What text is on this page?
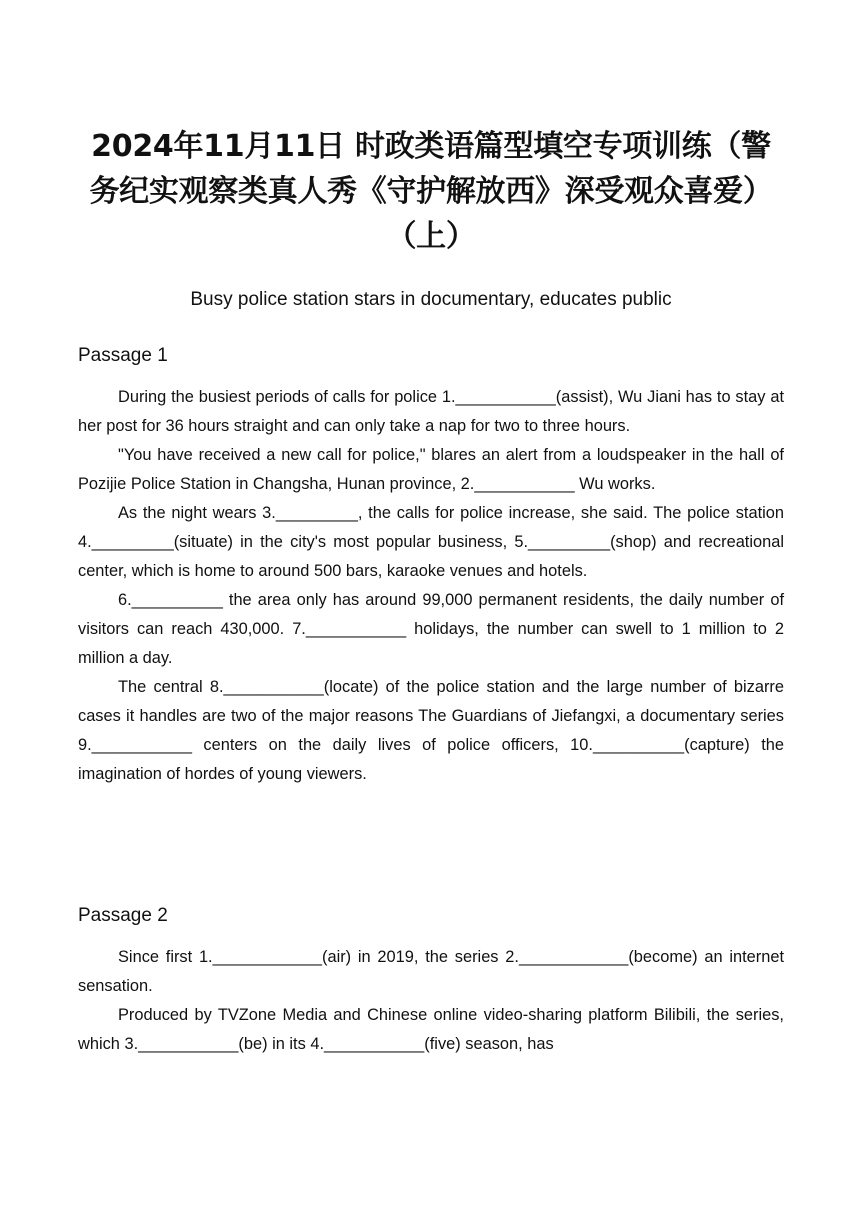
2024年11月11日 时政类语篇型填空专项训练（警务纪实观察类真人秀《守护解放西》深受观众喜爱）（上）

Busy police station stars in documentary, educates public

Passage 1

During the busiest periods of calls for police 1.___________(assist), Wu Jiani has to stay at her post for 36 hours straight and can only take a nap for two to three hours.

"You have received a new call for police," blares an alert from a loudspeaker in the hall of Pozijie Police Station in Changsha, Hunan province, 2.___________ Wu works.

As the night wears 3._________, the calls for police increase, she said. The police station 4._________(situate) in the city's most popular business, 5._________(shop) and recreational center, which is home to around 500 bars, karaoke venues and hotels.

6.__________ the area only has around 99,000 permanent residents, the daily number of visitors can reach 430,000. 7.___________ holidays, the number can swell to 1 million to 2 million a day.

The central 8.___________(locate) of the police station and the large number of bizarre cases it handles are two of the major reasons The Guardians of Jiefangxi, a documentary series 9.___________ centers on the daily lives of police officers, 10.__________(capture) the imagination of hordes of young viewers.

Passage 2

Since first 1.____________(air) in 2019, the series 2.____________(become) an internet sensation.

Produced by TVZone Media and Chinese online video-sharing platform Bilibili, the series, which 3.___________(be) in its 4.___________(five) season, has
